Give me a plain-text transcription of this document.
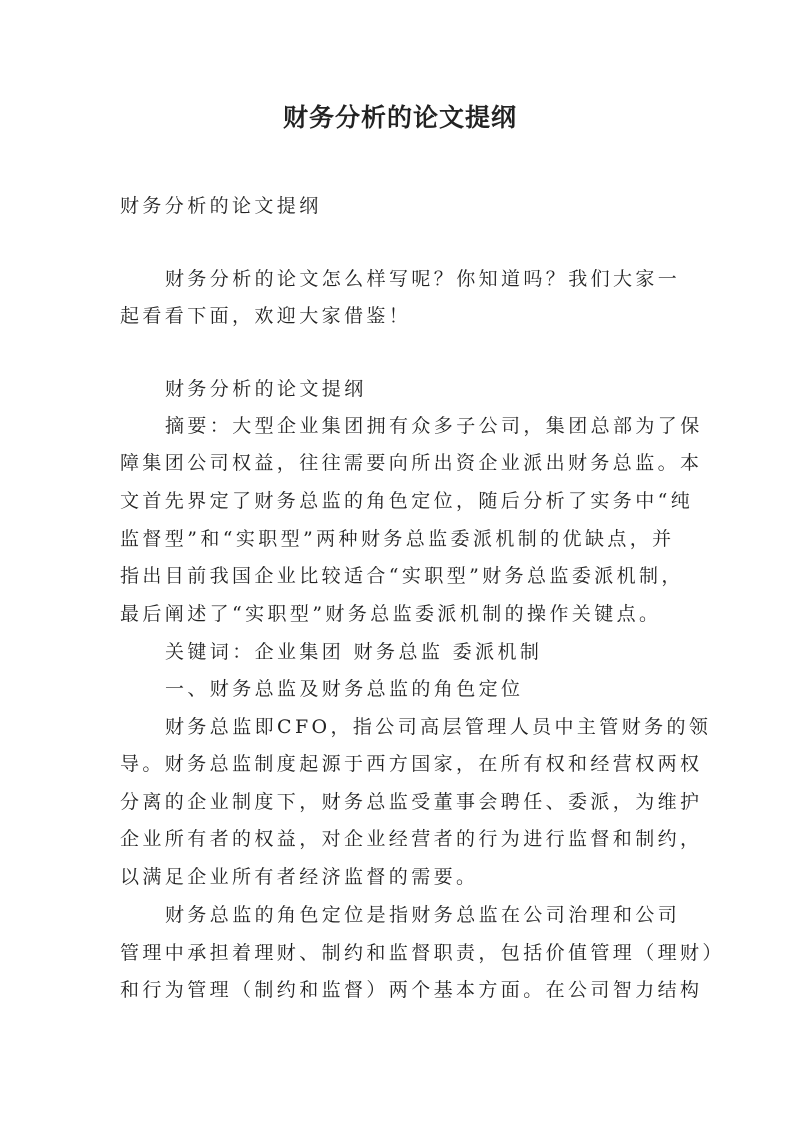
财务分析的论文提纲
财务分析的论文提纲
财务分析的论文怎么样写呢？你知道吗？我们大家一
起看看下面，欢迎大家借鉴！
财务分析的论文提纲
摘要：大型企业集团拥有众多子公司，集团总部为了保
障集团公司权益，往往需要向所出资企业派出财务总监。本
文首先界定了财务总监的角色定位，随后分析了实务中“纯
监督型”和“实职型”两种财务总监委派机制的优缺点，并
指出目前我国企业比较适合“实职型”财务总监委派机制，
最后阐述了“实职型”财务总监委派机制的操作关键点。
关键词：企业集团 财务总监 委派机制
一、财务总监及财务总监的角色定位
财务总监即CFO，指公司高层管理人员中主管财务的领
导。财务总监制度起源于西方国家，在所有权和经营权两权
分离的企业制度下，财务总监受董事会聘任、委派，为维护
企业所有者的权益，对企业经营者的行为进行监督和制约，
以满足企业所有者经济监督的需要。
财务总监的角色定位是指财务总监在公司治理和公司
管理中承担着理财、制约和监督职责，包括价值管理（理财）
和行为管理（制约和监督）两个基本方面。在公司智力结构
